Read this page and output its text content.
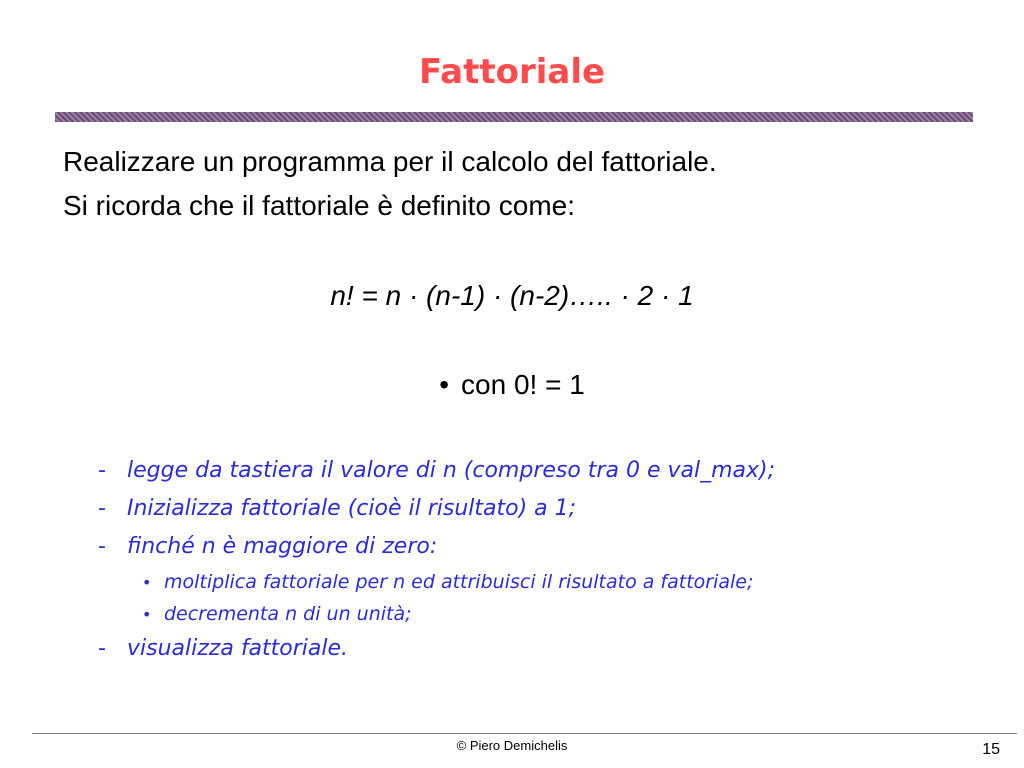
Fattoriale

Realizzare un programma per il calcolo del fattoriale.

Si ricorda che il fattoriale è definito come:

n! = n · (n-1) · (n-2)….. · 2 · 1
• con 0! = 1
- legge da tastiera il valore di n (compreso tra 0 e val_max);
- Inizializza fattoriale (cioè il risultato) a 1;
- finché n è maggiore di zero:
• moltiplica fattoriale per n ed attribuisci il risultato a fattoriale;
• decrementa n di un unità;
- visualizza fattoriale.
© Piero Demichelis	15
